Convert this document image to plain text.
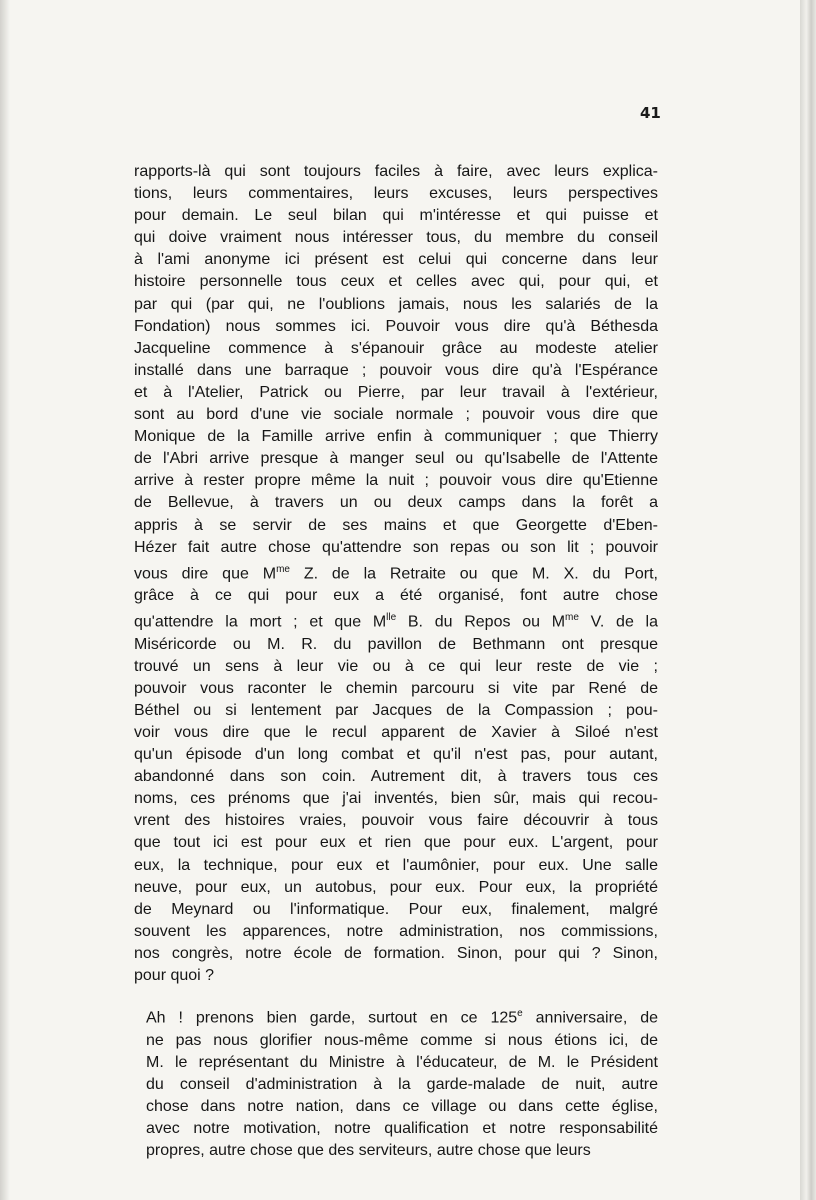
41

rapports-là qui sont toujours faciles à faire, avec leurs explica-
tions, leurs commentaires, leurs excuses, leurs perspectives
pour demain. Le seul bilan qui m'intéresse et qui puisse et
qui doive vraiment nous intéresser tous, du membre du conseil
à l'ami anonyme ici présent est celui qui concerne dans leur
histoire personnelle tous ceux et celles avec qui, pour qui, et
par qui (par qui, ne l'oublions jamais, nous les salariés de la
Fondation) nous sommes ici. Pouvoir vous dire qu'à Béthesda
Jacqueline commence à s'épanouir grâce au modeste atelier
installé dans une barraque ; pouvoir vous dire qu'à l'Espérance
et à l'Atelier, Patrick ou Pierre, par leur travail à l'extérieur,
sont au bord d'une vie sociale normale ; pouvoir vous dire que
Monique de la Famille arrive enfin à communiquer ; que Thierry
de l'Abri arrive presque à manger seul ou qu'Isabelle de l'Attente
arrive à rester propre même la nuit ; pouvoir vous dire qu'Etienne
de Bellevue, à travers un ou deux camps dans la forêt a
appris à se servir de ses mains et que Georgette d'Eben-
Hézer fait autre chose qu'attendre son repas ou son lit ; pouvoir
vous dire que $M^{me}$ Z. de la Retraite ou que M. X. du Port,
grâce à ce qui pour eux a été organisé, font autre chose
qu'attendre la mort ; et que $M^{lle}$ B. du Repos ou $M^{me}$ V. de la
Miséricorde ou M. R. du pavillon de Bethmann ont presque
trouvé un sens à leur vie ou à ce qui leur reste de vie ;
pouvoir vous raconter le chemin parcouru si vite par René de
Béthel ou si lentement par Jacques de la Compassion ; pou-
voir vous dire que le recul apparent de Xavier à Siloé n'est
qu'un épisode d'un long combat et qu'il n'est pas, pour autant,
abandonné dans son coin. Autrement dit, à travers tous ces
noms, ces prénoms que j'ai inventés, bien sûr, mais qui recou-
vrent des histoires vraies, pouvoir vous faire découvrir à tous
que tout ici est pour eux et rien que pour eux. L'argent, pour
eux, la technique, pour eux et l'aumônier, pour eux. Une salle
neuve, pour eux, un autobus, pour eux. Pour eux, la propriété
de Meynard ou l'informatique. Pour eux, finalement, malgré
souvent les apparences, notre administration, nos commissions,
nos congrès, notre école de formation. Sinon, pour qui ? Sinon,
pour quoi ?

Ah ! prenons bien garde, surtout en ce 125e anniversaire, de
ne pas nous glorifier nous-même comme si nous étions ici, de
M. le représentant du Ministre à l'éducateur, de M. le Président
du conseil d'administration à la garde-malade de nuit, autre
chose dans notre nation, dans ce village ou dans cette église,
avec notre motivation, notre qualification et notre responsabilité
propres, autre chose que des serviteurs, autre chose que leurs
